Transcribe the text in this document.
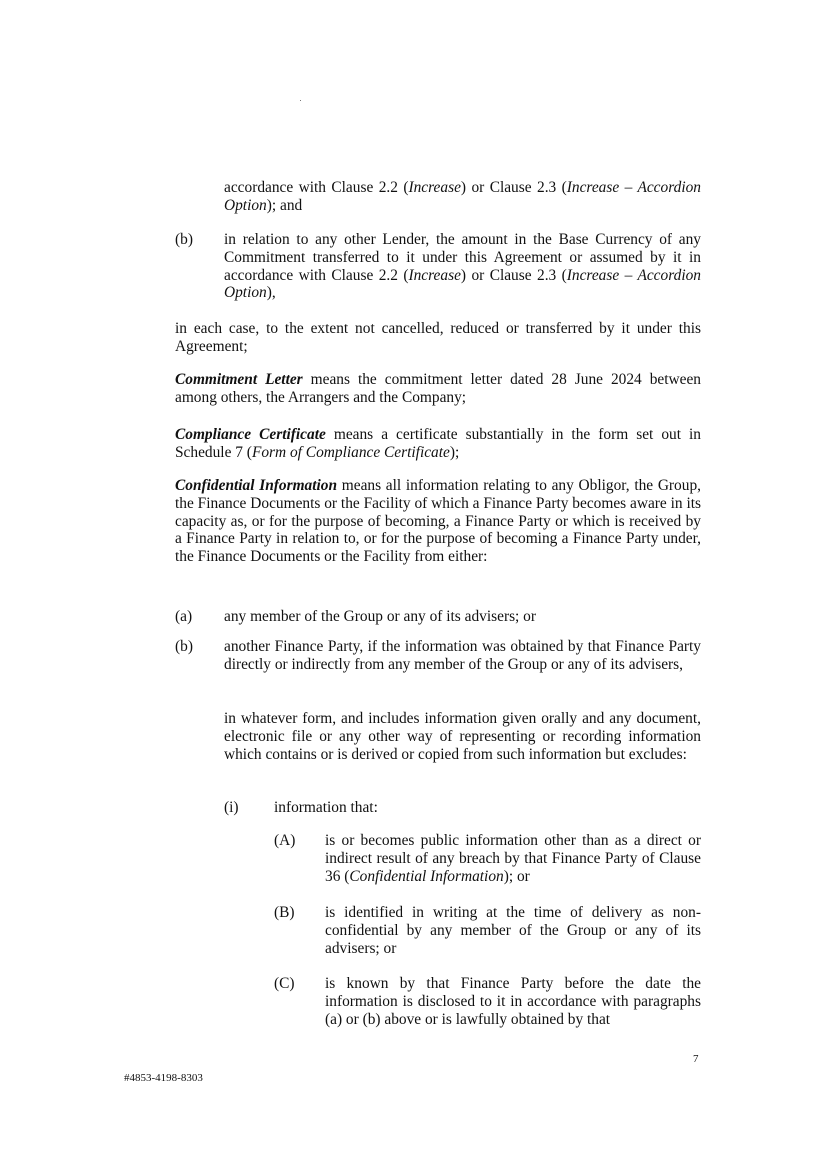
accordance with Clause 2.2 (Increase) or Clause 2.3 (Increase – Accordion Option); and
(b) in relation to any other Lender, the amount in the Base Currency of any Commitment transferred to it under this Agreement or assumed by it in accordance with Clause 2.2 (Increase) or Clause 2.3 (Increase – Accordion Option),
in each case, to the extent not cancelled, reduced or transferred by it under this Agreement;
Commitment Letter means the commitment letter dated 28 June 2024 between among others, the Arrangers and the Company;
Compliance Certificate means a certificate substantially in the form set out in Schedule 7 (Form of Compliance Certificate);
Confidential Information means all information relating to any Obligor, the Group, the Finance Documents or the Facility of which a Finance Party becomes aware in its capacity as, or for the purpose of becoming, a Finance Party or which is received by a Finance Party in relation to, or for the purpose of becoming a Finance Party under, the Finance Documents or the Facility from either:
(a) any member of the Group or any of its advisers; or
(b) another Finance Party, if the information was obtained by that Finance Party directly or indirectly from any member of the Group or any of its advisers,
in whatever form, and includes information given orally and any document, electronic file or any other way of representing or recording information which contains or is derived or copied from such information but excludes:
(i) information that:
(A) is or becomes public information other than as a direct or indirect result of any breach by that Finance Party of Clause 36 (Confidential Information); or
(B) is identified in writing at the time of delivery as non-confidential by any member of the Group or any of its advisers; or
(C) is known by that Finance Party before the date the information is disclosed to it in accordance with paragraphs (a) or (b) above or is lawfully obtained by that
7
#4853-4198-8303
